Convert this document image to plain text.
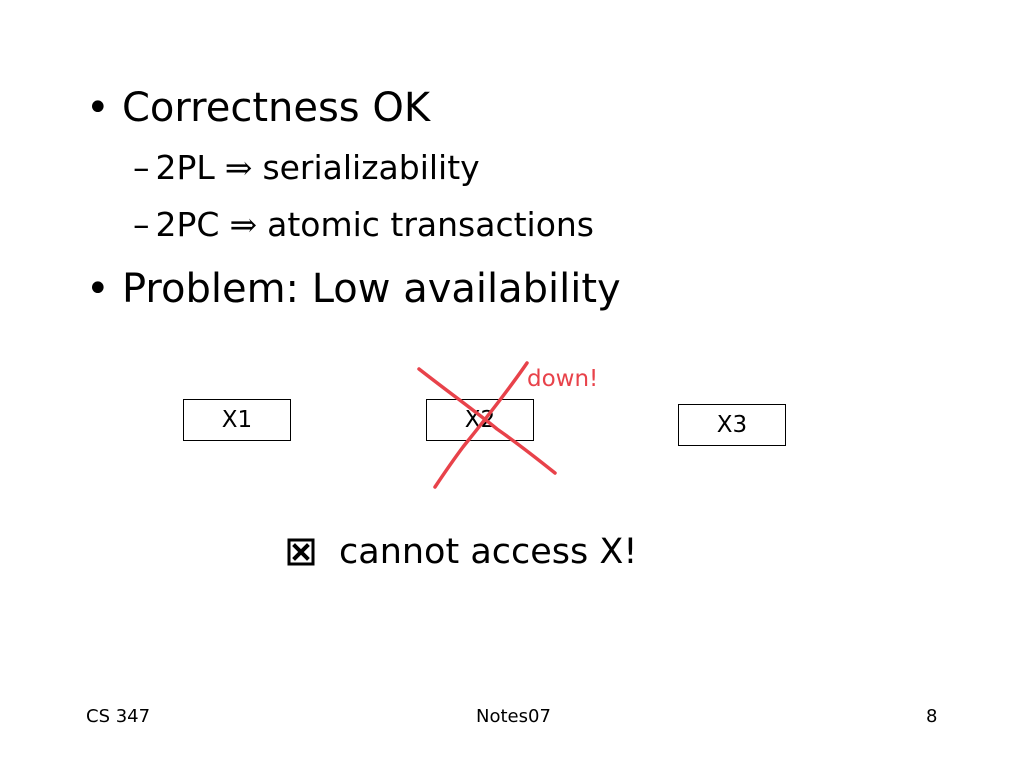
• Correctness OK
– 2PL ⇒ serializability
– 2PC ⇒ atomic transactions
• Problem: Low availability
X1	X2	X3
down!
cannot access X!
CS 347	Notes07	8
